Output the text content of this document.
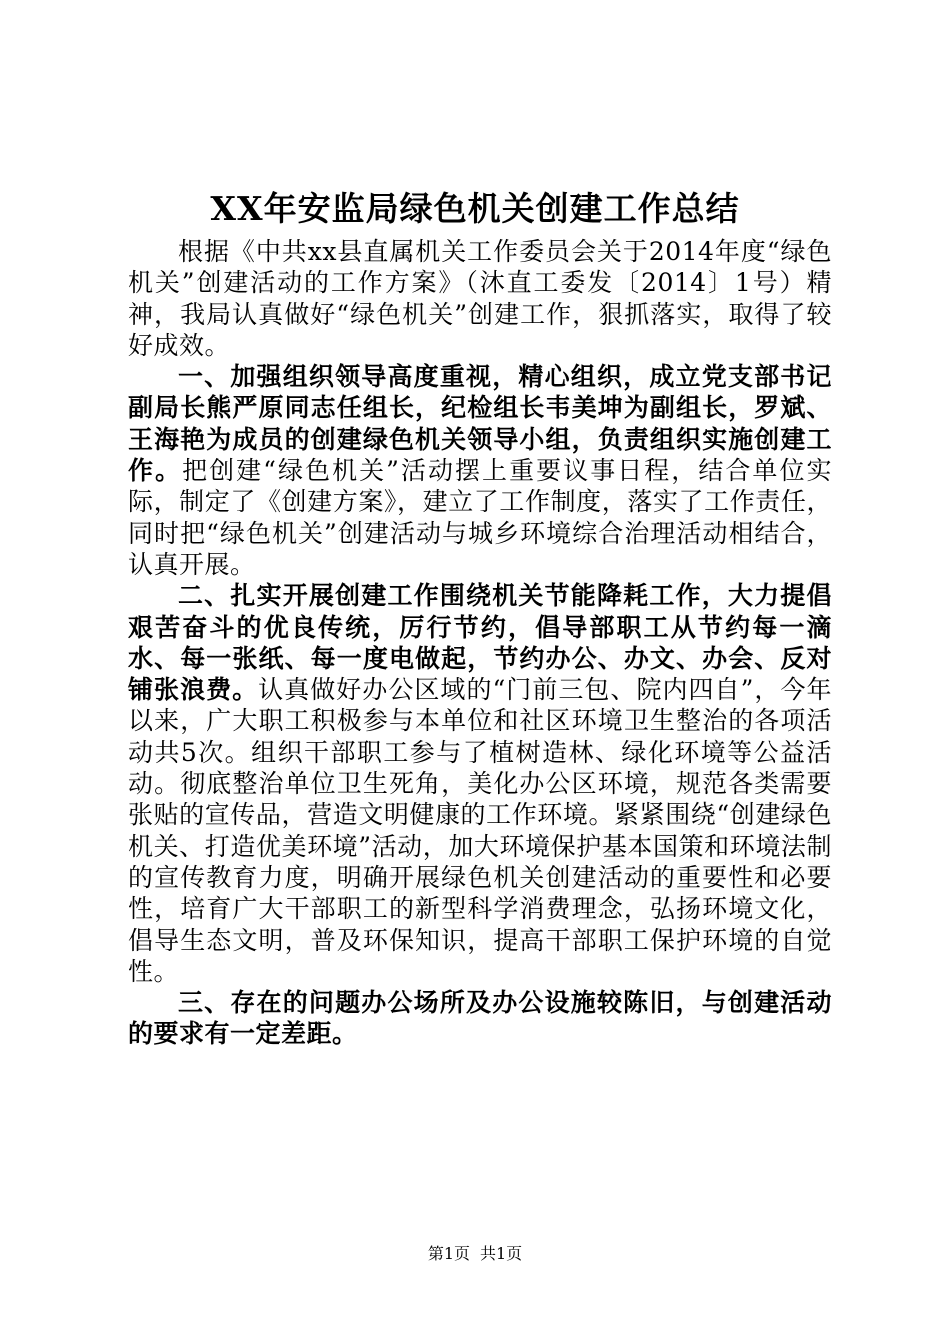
XX年安监局绿色机关创建工作总结

根据《中共xx县直属机关工作委员会关于2014年度“绿色机关”创建活动的工作方案》（沐直工委发〔2014〕1号）精神，我局认真做好“绿色机关”创建工作，狠抓落实，取得了较好成效。

一、加强组织领导高度重视，精心组织，成立党支部书记副局长熊严原同志任组长，纪检组长韦美坤为副组长，罗斌、王海艳为成员的创建绿色机关领导小组，负责组织实施创建工作。把创建“绿色机关”活动摆上重要议事日程，结合单位实际，制定了《创建方案》，建立了工作制度，落实了工作责任，同时把“绿色机关”创建活动与城乡环境综合治理活动相结合，认真开展。

二、扎实开展创建工作围绕机关节能降耗工作，大力提倡艰苦奋斗的优良传统，厉行节约，倡导部职工从节约每一滴水、每一张纸、每一度电做起，节约办公、办文、办会、反对铺张浪费。认真做好办公区域的“门前三包、院内四自”，今年以来，广大职工积极参与本单位和社区环境卫生整治的各项活动共5次。组织干部职工参与了植树造林、绿化环境等公益活动。彻底整治单位卫生死角，美化办公区环境，规范各类需要张贴的宣传品，营造文明健康的工作环境。紧紧围绕“创建绿色机关、打造优美环境”活动，加大环境保护基本国策和环境法制的宣传教育力度，明确开展绿色机关创建活动的重要性和必要性，培育广大干部职工的新型科学消费理念，弘扬环境文化，倡导生态文明，普及环保知识，提高干部职工保护环境的自觉性。

三、存在的问题办公场所及办公设施较陈旧，与创建活动的要求有一定差距。

第1页 共1页
